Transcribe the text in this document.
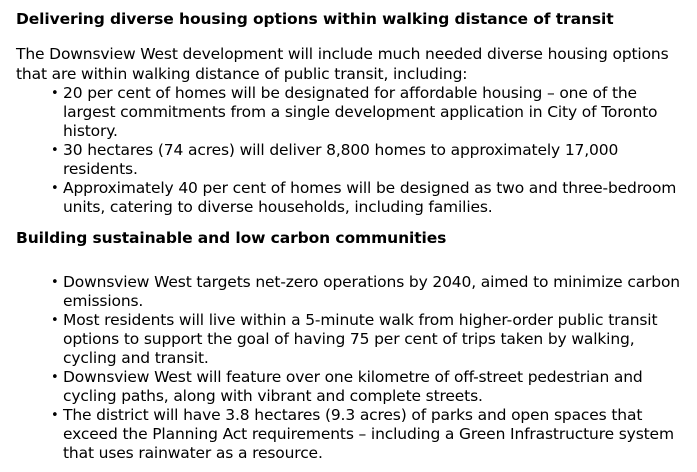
Delivering diverse housing options within walking distance of transit

The Downsview West development will include much needed diverse housing options that are within walking distance of public transit, including:

• 20 per cent of homes will be designated for affordable housing – one of the largest commitments from a single development application in City of Toronto history.
• 30 hectares (74 acres) will deliver 8,800 homes to approximately 17,000 residents.
• Approximately 40 per cent of homes will be designed as two and three-bedroom units, catering to diverse households, including families.
Building sustainable and low carbon communities
• Downsview West targets net-zero operations by 2040, aimed to minimize carbon emissions.
• Most residents will live within a 5-minute walk from higher-order public transit options to support the goal of having 75 per cent of trips taken by walking, cycling and transit.
• Downsview West will feature over one kilometre of off-street pedestrian and cycling paths, along with vibrant and complete streets.
• The district will have 3.8 hectares (9.3 acres) of parks and open spaces that exceed the Planning Act requirements – including a Green Infrastructure system that uses rainwater as a resource.
